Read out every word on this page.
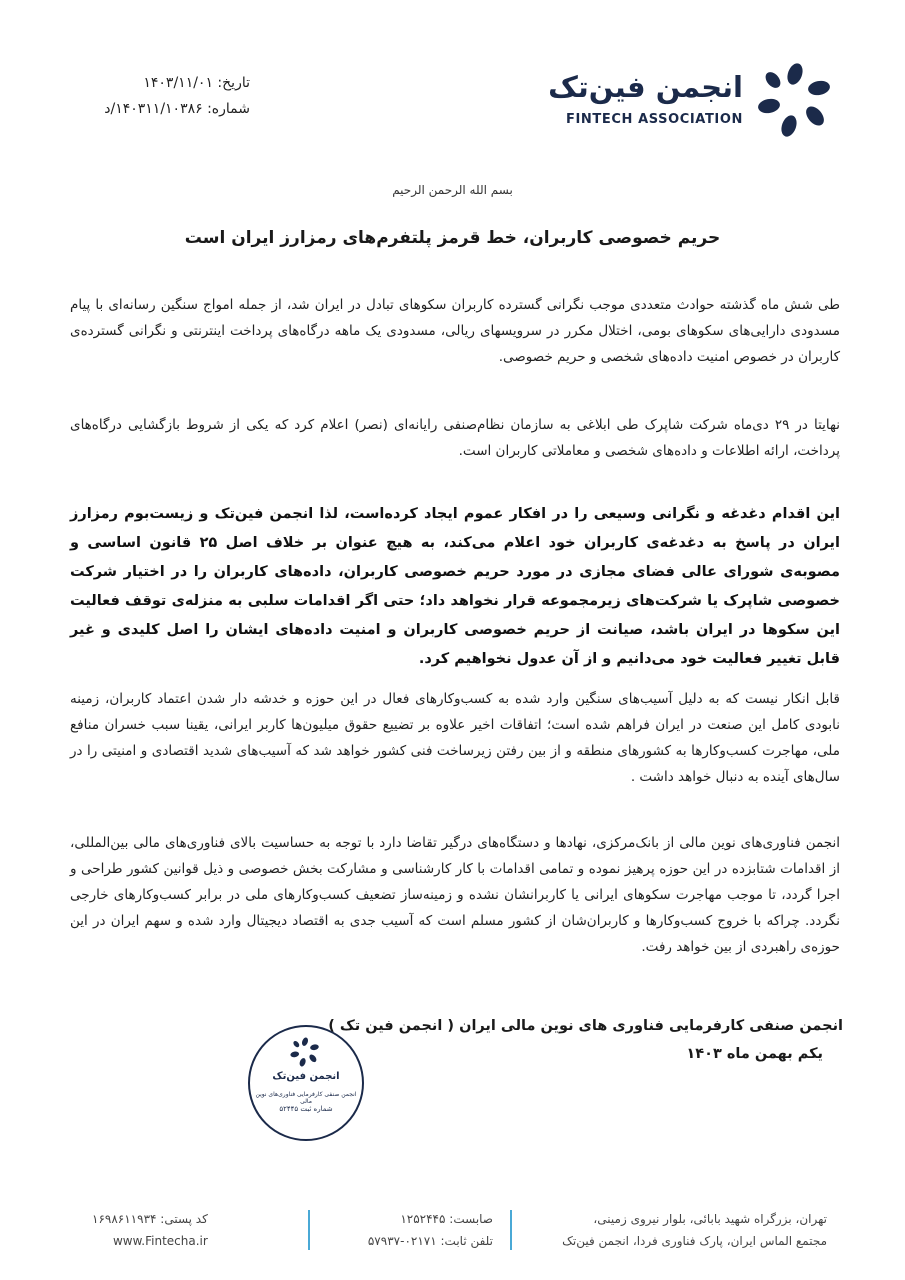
انجمن فین‌تک
FINTECH ASSOCIATION
تاریخ: ۱۴۰۳/۱۱/۰۱
شماره: ۱۴۰۳۱۱/۱۰۳۸۶/د
بسم الله الرحمن الرحیم
حریم خصوصی کاربران، خط قرمز پلتفرم‌های رمزارز ایران است
طی شش ماه گذشته حوادث متعددی موجب نگرانی گسترده کاربران سکوهای تبادل در ایران شد، از جمله امواج سنگین رسانه‌ای با پیام مسدودی دارایی‌های سکوهای بومی، اختلال مکرر در سرویسهای ریالی، مسدودی یک ماهه درگاه‌های پرداخت اینترنتی و نگرانی گسترده‌ی کاربران در خصوص امنیت داده‌های شخصی و حریم خصوصی.
نهایتا در ۲۹ دی‌ماه شرکت شاپرک طی ابلاغی به سازمان نظام‌صنفی رایانه‌ای (نصر) اعلام کرد که یکی از شروط بازگشایی درگاه‌های پرداخت، ارائه اطلاعات و داده‌های شخصی و معاملاتی کاربران است.
این اقدام دغدغه و نگرانی وسیعی را در افکار عموم ایجاد کرده‌است، لذا انجمن فین‌تک و زیست‌بوم رمزارز ایران در پاسخ به دغدغه‌ی کاربران خود اعلام می‌کند، به هیچ عنوان بر خلاف اصل ۲۵ قانون اساسی و مصوبه‌ی شورای عالی فضای مجازی در مورد حریم خصوصی کاربران، داده‌های کاربران را در اختیار شرکت خصوصی شاپرک یا شرکت‌های زیرمجموعه قرار نخواهد داد؛ حتی اگر اقدامات سلبی به منزله‌ی توقف فعالیت این سکوها در ایران باشد، صیانت از حریم خصوصی کاربران و امنیت داده‌های ایشان را اصل کلیدی و غیر قابل تغییر فعالیت خود می‌دانیم و از آن عدول نخواهیم کرد.
قابل انکار نیست که به دلیل آسیب‌های سنگین وارد شده به کسب‌وکارهای فعال در این حوزه و خدشه دار شدن اعتماد کاربران، زمینه نابودی کامل این صنعت در ایران فراهم شده است؛ اتفاقات اخیر علاوه بر تضییع حقوق میلیون‌ها کاربر ایرانی، یقینا سبب خسران منافع ملی، مهاجرت کسب‌وکارها به کشورهای منطقه و از بین رفتن زیرساخت فنی کشور خواهد شد که آسیب‌های شدید اقتصادی و امنیتی را در سال‌های آینده به دنبال خواهد داشت .
انجمن فناوری‌های نوین مالی از بانک‌مرکزی، نهادها و دستگاه‌های درگیر تقاضا دارد با توجه به حساسیت بالای فناوری‌های مالی بین‌المللی، از اقدامات شتابزده در این حوزه پرهیز نموده و تمامی اقدامات با کار کارشناسی و مشارکت بخش خصوصی و ذیل قوانین کشور طراحی و اجرا گردد، تا موجب مهاجرت سکوهای ایرانی یا کاربرانشان نشده و زمینه‌ساز تضعیف کسب‌وکارهای ملی در برابر کسب‌وکارهای خارجی نگردد. چراکه با خروج کسب‌وکارها و کاربران‌شان از کشور مسلم است که آسیب جدی به اقتصاد دیجیتال وارد شده و سهم ایران در این حوزه‌ی راهبردی از بین خواهد رفت.
انجمن صنفی کارفرمایی فناوری های نوین مالی ایران ( انجمن فین تک )
یکم بهمن ماه ۱۴۰۳
انجمن فین‌تک
انجمن صنفی کارفرمایی فناوری‌های نوین مالی
شماره ثبت ۵۲۴۴۵
تهران، بزرگراه شهید بابائی، بلوار نیروی زمینی،
مجتمع الماس ایران، پارک فناوری فردا، انجمن فین‌تک
صابست: ۱۲۵۲۴۴۵
تلفن ثابت: ۰۲۱۷۱-۵۷۹۳۷
کد پستی: ۱۶۹۸۶۱۱۹۳۴
www.Fintecha.ir
